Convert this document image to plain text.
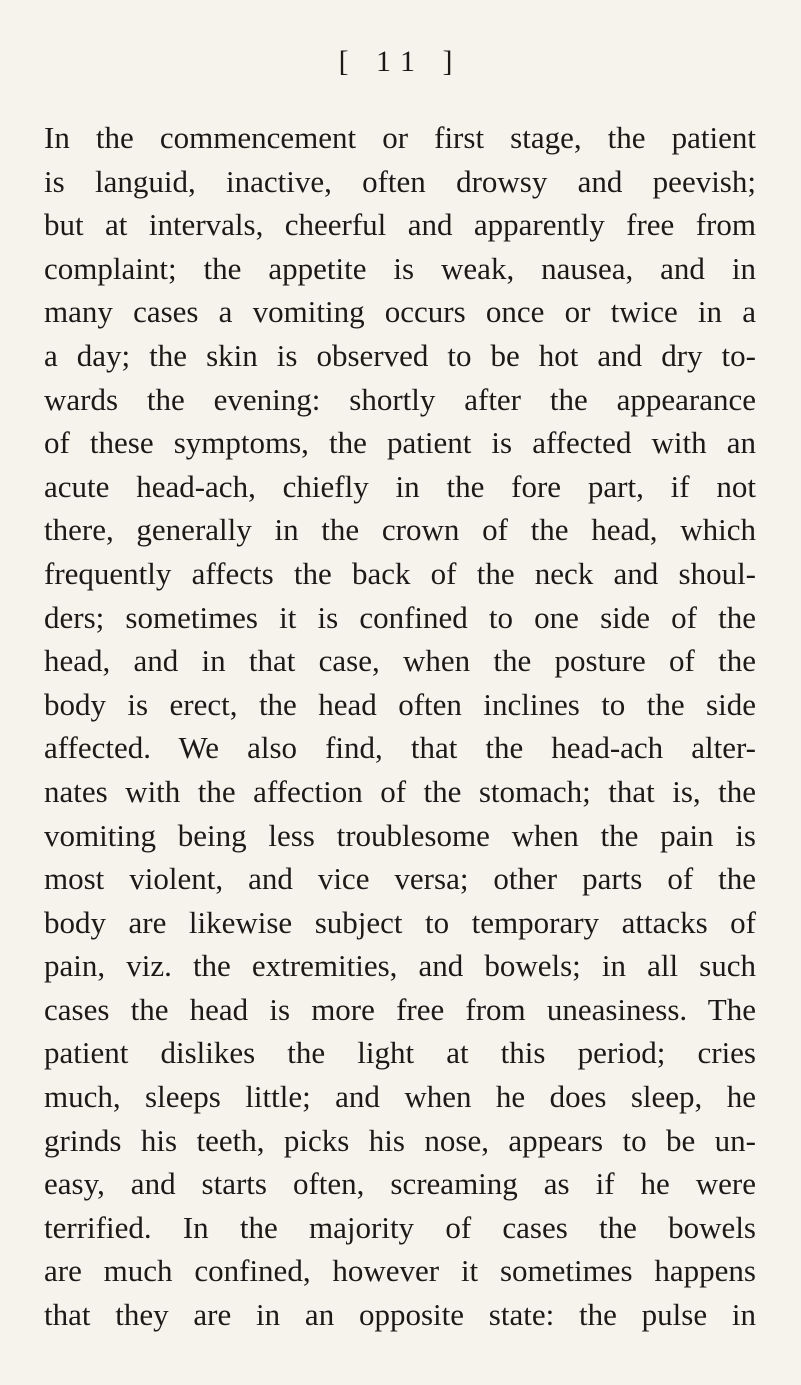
[ 11 ]
In the commencement or first stage, the patient
is languid, inactive, often drowsy and peevish;
but at intervals, cheerful and apparently free from
complaint; the appetite is weak, nausea, and in
many cases a vomiting occurs once or twice in a
a day; the skin is observed to be hot and dry to-
wards the evening: shortly after the appearance
of these symptoms, the patient is affected with an
acute head-ach, chiefly in the fore part, if not
there, generally in the crown of the head, which
frequently affects the back of the neck and shoul-
ders; sometimes it is confined to one side of the
head, and in that case, when the posture of the
body is erect, the head often inclines to the side
affected. We also find, that the head-ach alter-
nates with the affection of the stomach; that is, the
vomiting being less troublesome when the pain is
most violent, and vice versa; other parts of the
body are likewise subject to temporary attacks of
pain, viz. the extremities, and bowels; in all such
cases the head is more free from uneasiness. The
patient dislikes the light at this period; cries
much, sleeps little; and when he does sleep, he
grinds his teeth, picks his nose, appears to be un-
easy, and starts often, screaming as if he were
terrified. In the majority of cases the bowels
are much confined, however it sometimes happens
that they are in an opposite state: the pulse in
